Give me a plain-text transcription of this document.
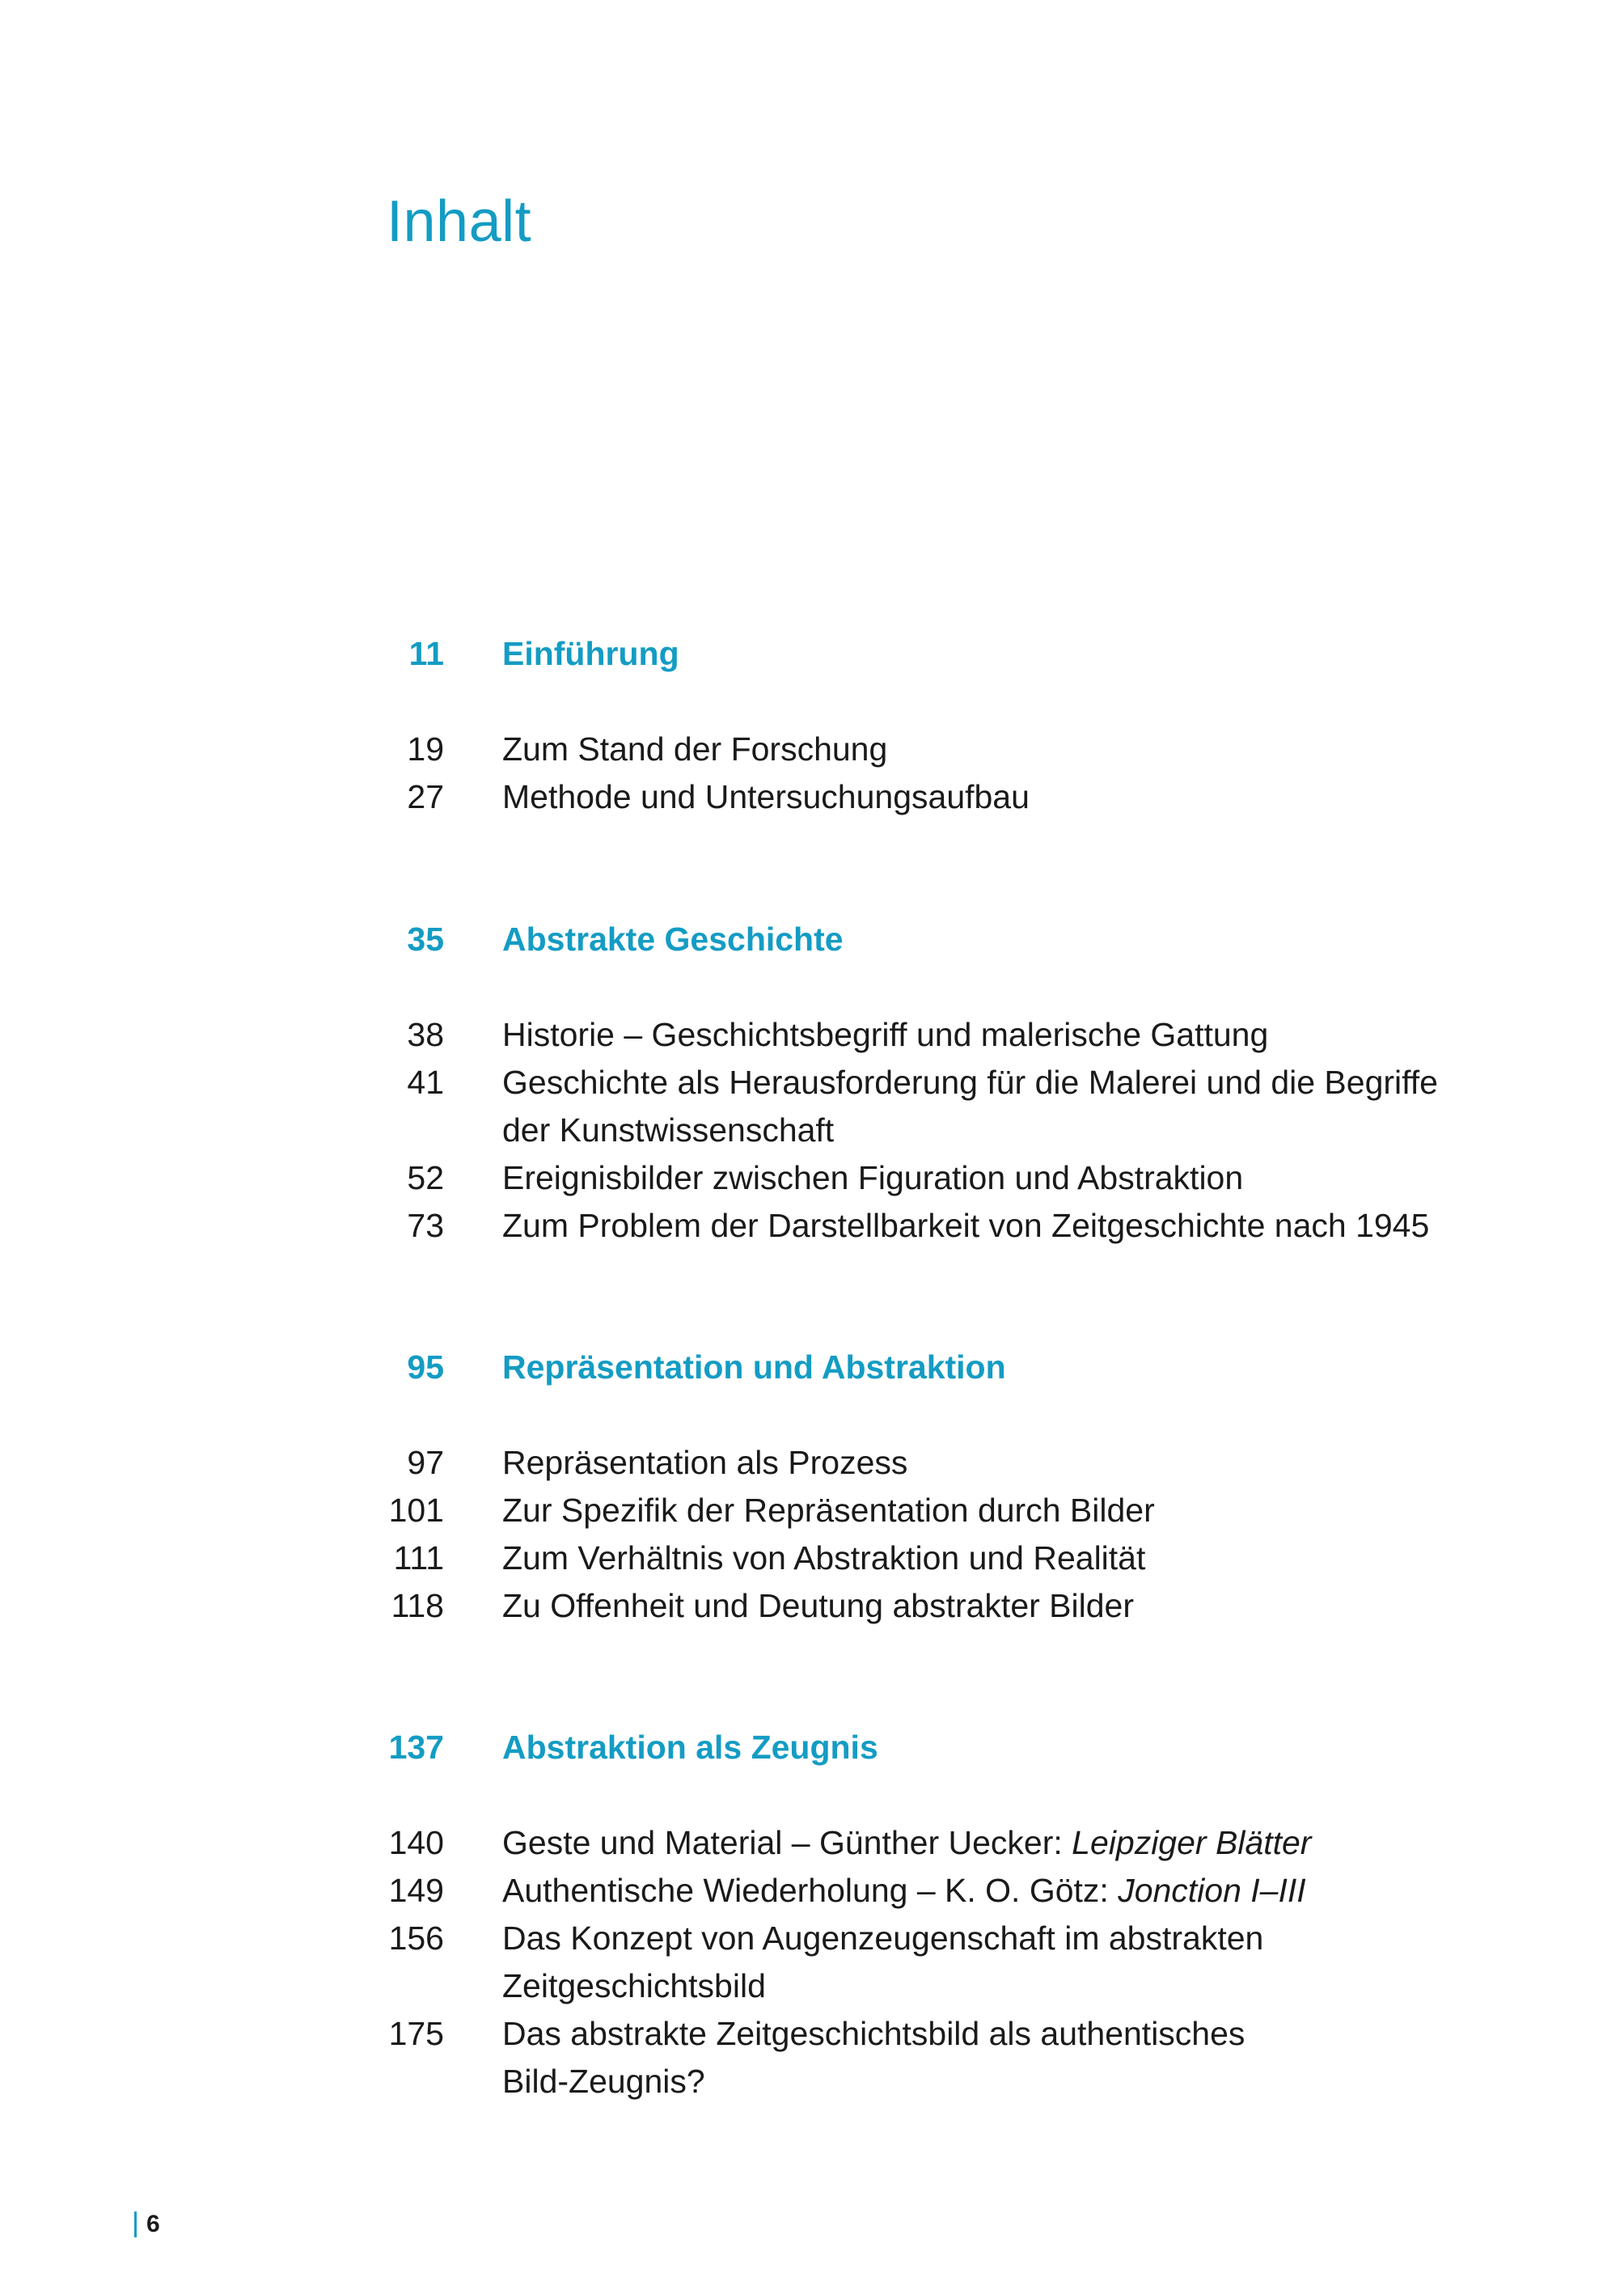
Inhalt
11 Einführung
19 Zum Stand der Forschung
27 Methode und Untersuchungsaufbau
35 Abstrakte Geschichte
38 Historie – Geschichtsbegriff und malerische Gattung
41 Geschichte als Herausforderung für die Malerei und die Begriffe
der Kunstwissenschaft
52 Ereignisbilder zwischen Figuration und Abstraktion
73 Zum Problem der Darstellbarkeit von Zeitgeschichte nach 1945
95 Repräsentation und Abstraktion
97 Repräsentation als Prozess
101 Zur Spezifik der Repräsentation durch Bilder
111 Zum Verhältnis von Abstraktion und Realität
118 Zu Offenheit und Deutung abstrakter Bilder
137 Abstraktion als Zeugnis
140 Geste und Material – Günther Uecker: Leipziger Blätter
149 Authentische Wiederholung – K. O. Götz: Jonction I–III
156 Das Konzept von Augenzeugenschaft im abstrakten
Zeitgeschichtsbild
175 Das abstrakte Zeitgeschichtsbild als authentisches
Bild-Zeugnis?
6
